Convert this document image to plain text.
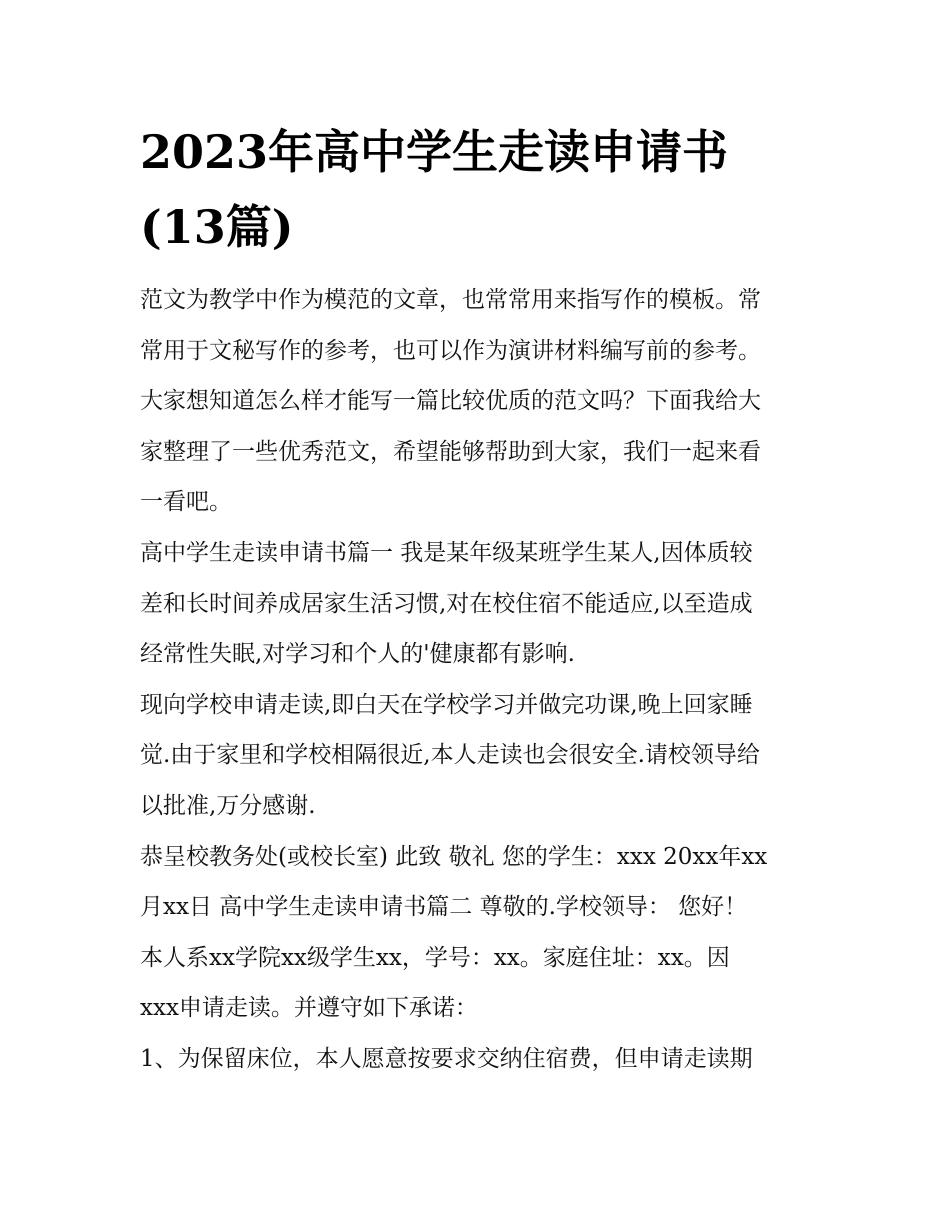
2023年高中学生走读申请书
(13篇)
范文为教学中作为模范的文章，也常常用来指写作的模板。常
常用于文秘写作的参考，也可以作为演讲材料编写前的参考。
大家想知道怎么样才能写一篇比较优质的范文吗？下面我给大
家整理了一些优秀范文，希望能够帮助到大家，我们一起来看
一看吧。
高中学生走读申请书篇一 我是某年级某班学生某人,因体质较
差和长时间养成居家生活习惯,对在校住宿不能适应,以至造成
经常性失眠,对学习和个人的'健康都有影响.
现向学校申请走读,即白天在学校学习并做完功课,晚上回家睡
觉.由于家里和学校相隔很近,本人走读也会很安全.请校领导给
以批准,万分感谢.
恭呈校教务处(或校长室) 此致 敬礼 您的学生：xxx 20xx年xx
月xx日 高中学生走读申请书篇二 尊敬的.学校领导： 您好！
本人系xx学院xx级学生xx，学号：xx。家庭住址：xx。因
xxx申请走读。并遵守如下承诺：
1、为保留床位，本人愿意按要求交纳住宿费，但申请走读期
